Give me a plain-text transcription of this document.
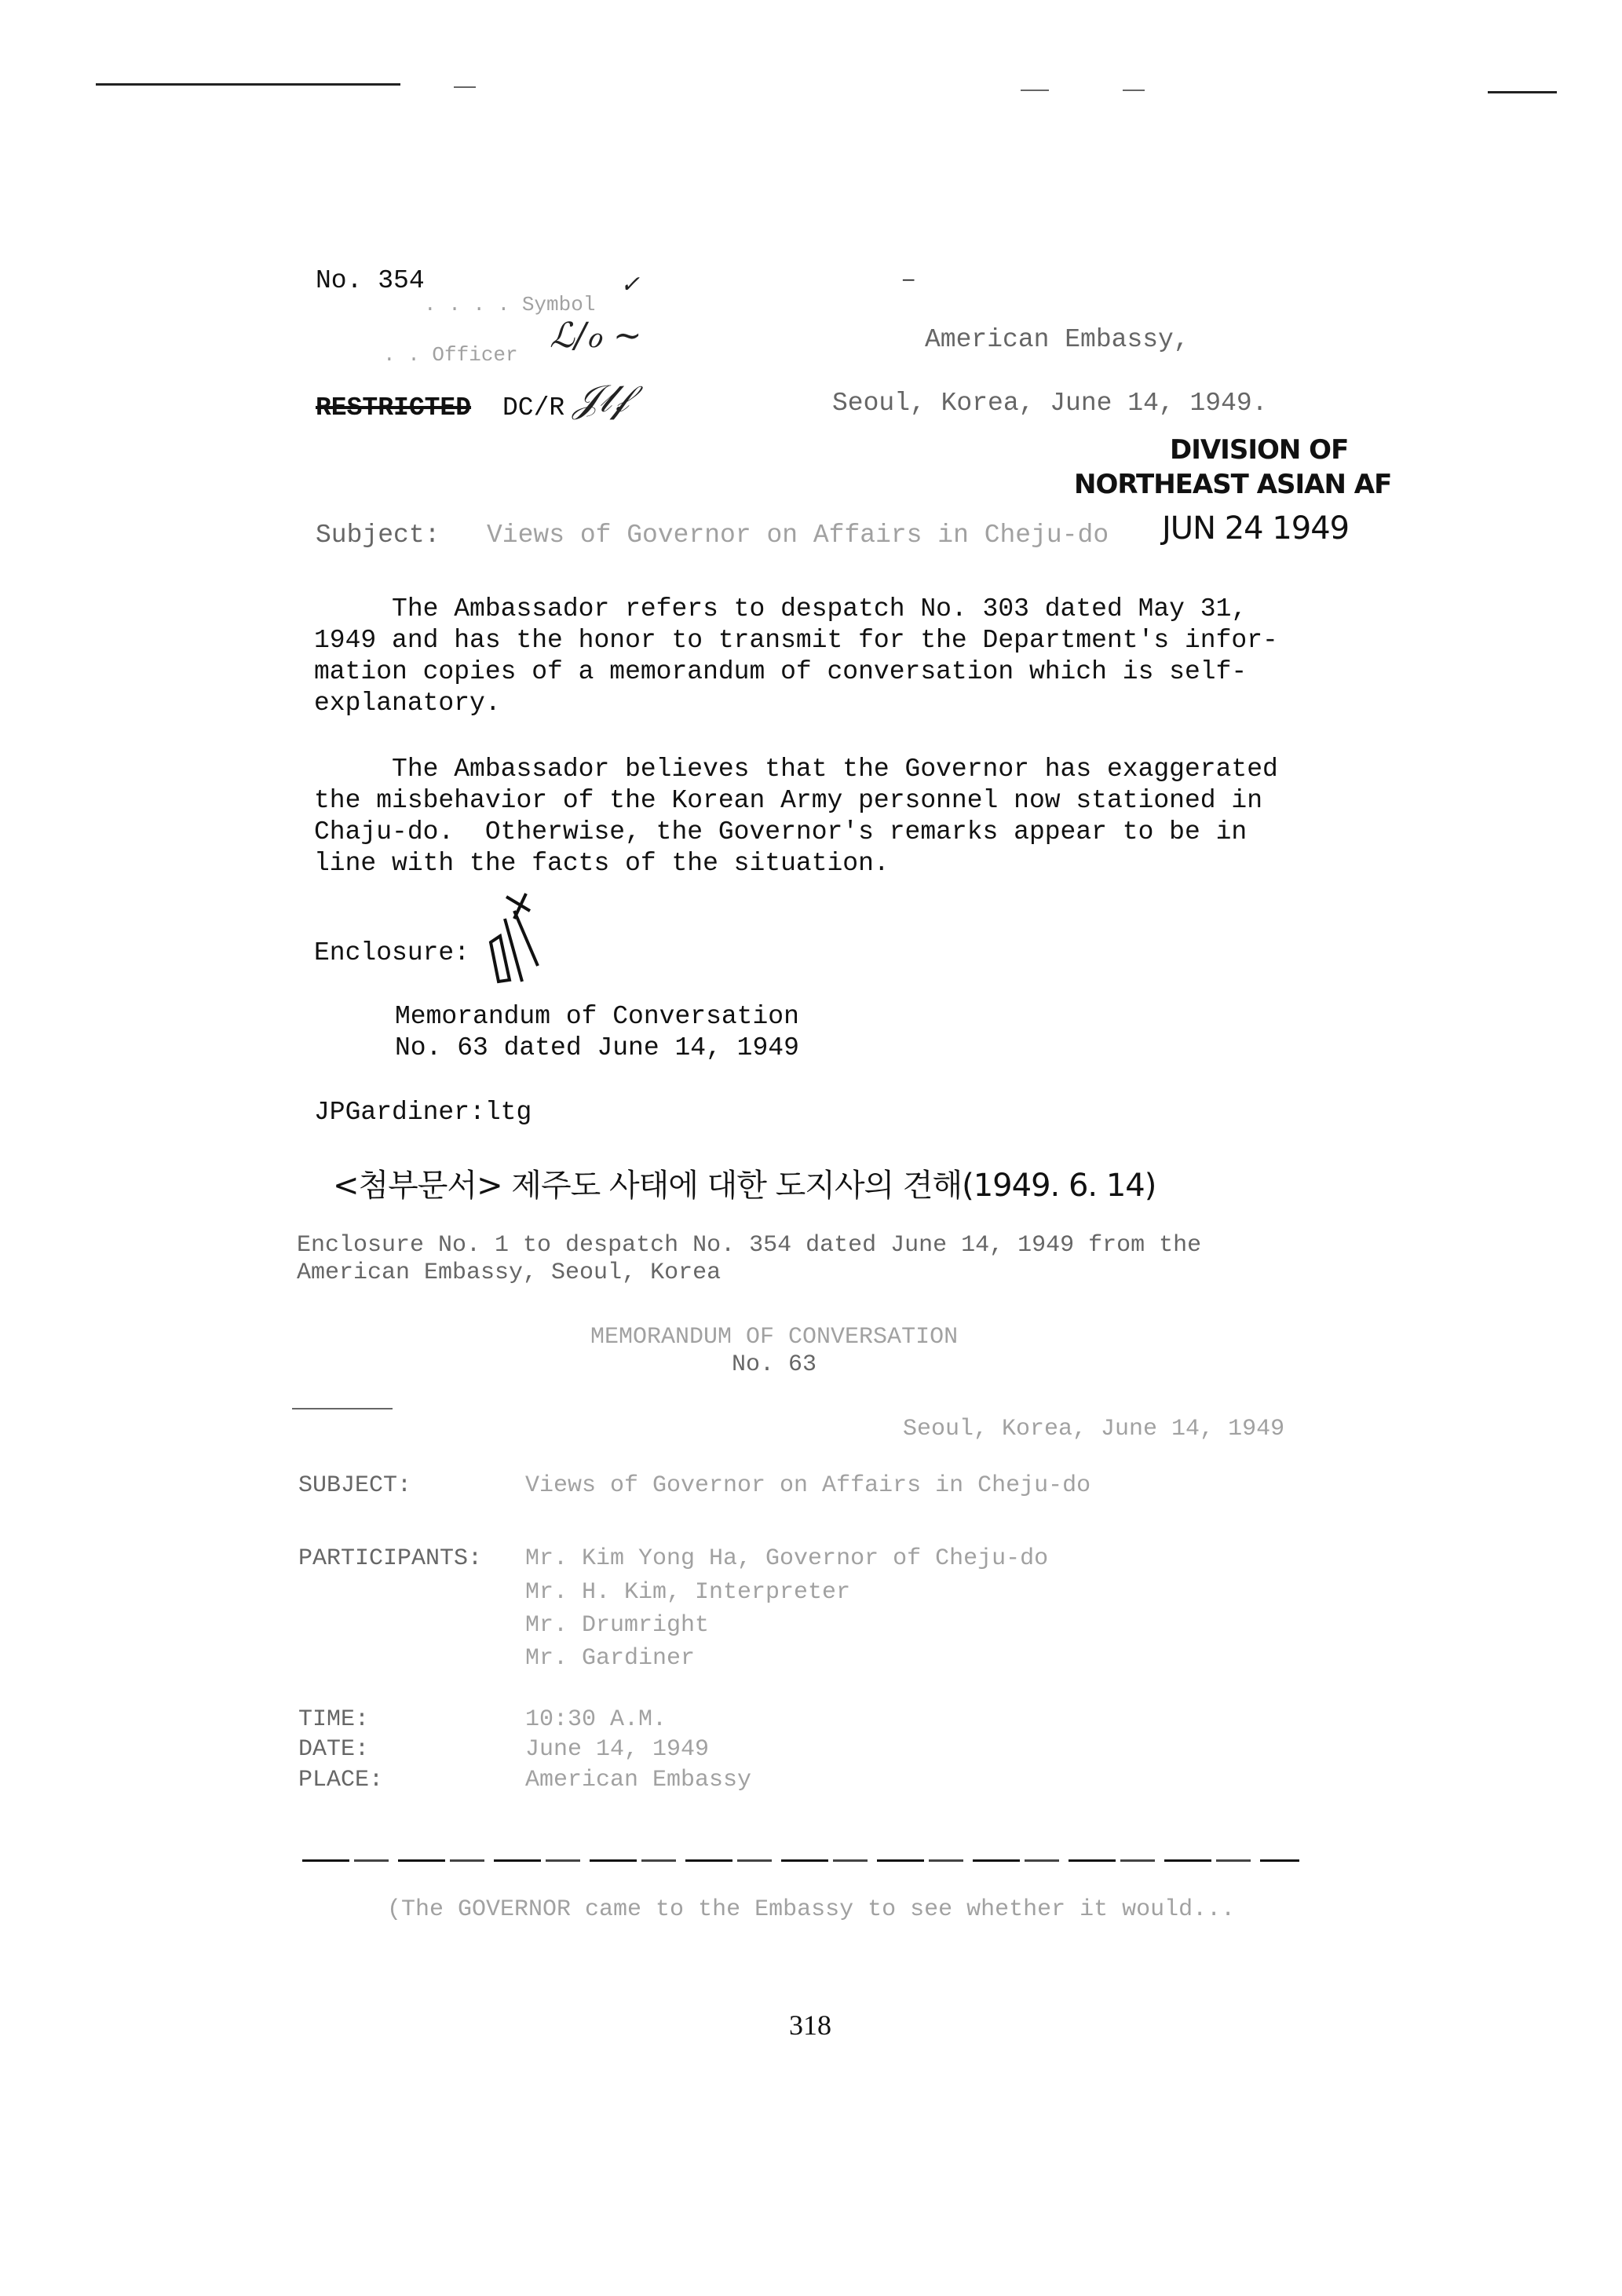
No. 354
. . . . Symbol
✓
. . Officer ℒ/ℴ ~
RESTRICTED DC/R 𝒥𝓁𝒻
—
American Embassy,
Seoul, Korea, June 14, 1949.
DIVISION OF
NORTHEAST ASIAN AF
JUN 24 1949
Subject: Views of Governor on Affairs in Cheju-do
The Ambassador refers to despatch No. 303 dated May 31,
1949 and has the honor to transmit for the Department's infor-
mation copies of a memorandum of conversation which is self-
explanatory.
The Ambassador believes that the Governor has exaggerated
the misbehavior of the Korean Army personnel now stationed in
Chaju-do.  Otherwise, the Governor's remarks appear to be in
line with the facts of the situation.
Enclosure:
Memorandum of Conversation
No. 63 dated June 14, 1949
JPGardiner:ltg
<첨부문서> 제주도 사태에 대한 도지사의 견해(1949. 6. 14)
Enclosure No. 1 to despatch No. 354 dated June 14, 1949 from the
American Embassy, Seoul, Korea
MEMORANDUM OF CONVERSATION
No. 63
Seoul, Korea, June 14, 1949
SUBJECT:	Views of Governor on Affairs in Cheju-do
PARTICIPANTS: Mr. Kim Yong Ha, Governor of Cheju-do
Mr. H. Kim, Interpreter
Mr. Drumright
Mr. Gardiner
TIME:	10:30 A.M.
DATE:	June 14, 1949
PLACE:	American Embassy
(The GOVERNOR came to the Embassy to see whether it would...
318
